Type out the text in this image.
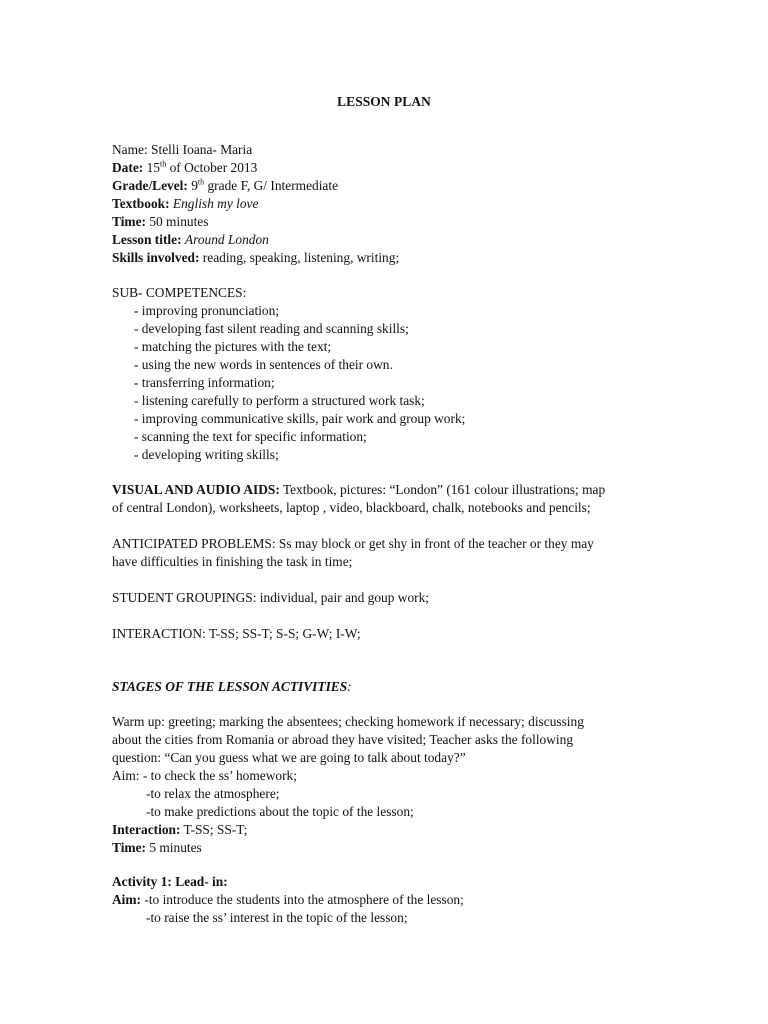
LESSON PLAN
Name: Stelli Ioana- Maria
Date: 15th of October 2013
Grade/Level: 9th grade F, G/ Intermediate
Textbook: English my love
Time: 50 minutes
Lesson title: Around London
Skills involved: reading, speaking, listening, writing;
SUB- COMPETENCES:
- improving pronunciation;
- developing fast silent reading and scanning skills;
- matching the pictures with the text;
- using the new words in sentences of their own.
- transferring information;
- listening carefully to perform a structured work task;
- improving communicative skills, pair work and group work;
- scanning the text for specific information;
- developing writing skills;
VISUAL AND AUDIO AIDS: Textbook, pictures: “London” (161 colour illustrations; map
of central London), worksheets, laptop , video, blackboard, chalk, notebooks and pencils;
ANTICIPATED PROBLEMS: Ss may block or get shy in front of the teacher or they may
have difficulties in finishing the task in time;
STUDENT GROUPINGS: individual, pair and goup work;
INTERACTION: T-SS; SS-T; S-S; G-W; I-W;
STAGES OF THE LESSON ACTIVITIES:
Warm up: greeting; marking the absentees; checking homework if necessary; discussing
about the cities from Romania or abroad they have visited; Teacher asks the following
question: “Can you guess what we are going to talk about today?”
Aim: - to check the ss’ homework;
-to relax the atmosphere;
-to make predictions about the topic of the lesson;
Interaction: T-SS; SS-T;
Time: 5 minutes
Activity 1: Lead- in:
Aim: -to introduce the students into the atmosphere of the lesson;
-to raise the ss’ interest in the topic of the lesson;
